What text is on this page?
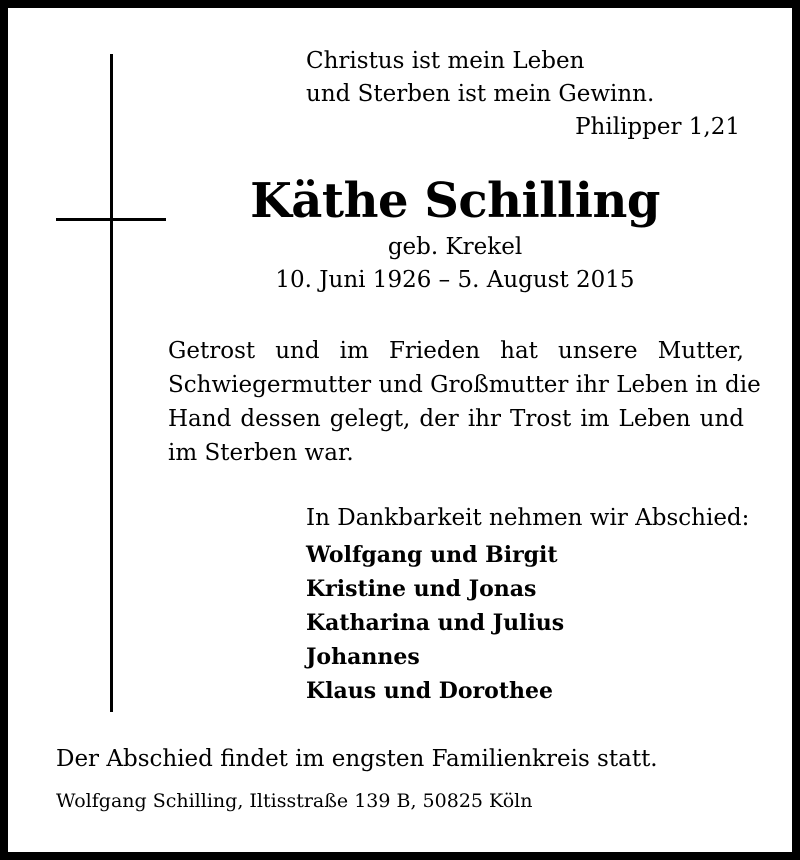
Christus ist mein Leben
und Sterben ist mein Gewinn.
Philipper 1,21
Käthe Schilling
geb. Krekel
10. Juni 1926 – 5. August 2015
Getrost und im Frieden hat unsere Mutter,
Schwiegermutter und Großmutter ihr Leben in die
Hand dessen gelegt, der ihr Trost im Leben und
im Sterben war.
In Dankbarkeit nehmen wir Abschied:
Wolfgang und Birgit
Kristine und Jonas
Katharina und Julius
Johannes
Klaus und Dorothee
Der Abschied findet im engsten Familienkreis statt.
Wolfgang Schilling, Iltisstraße 139 B, 50825 Köln
